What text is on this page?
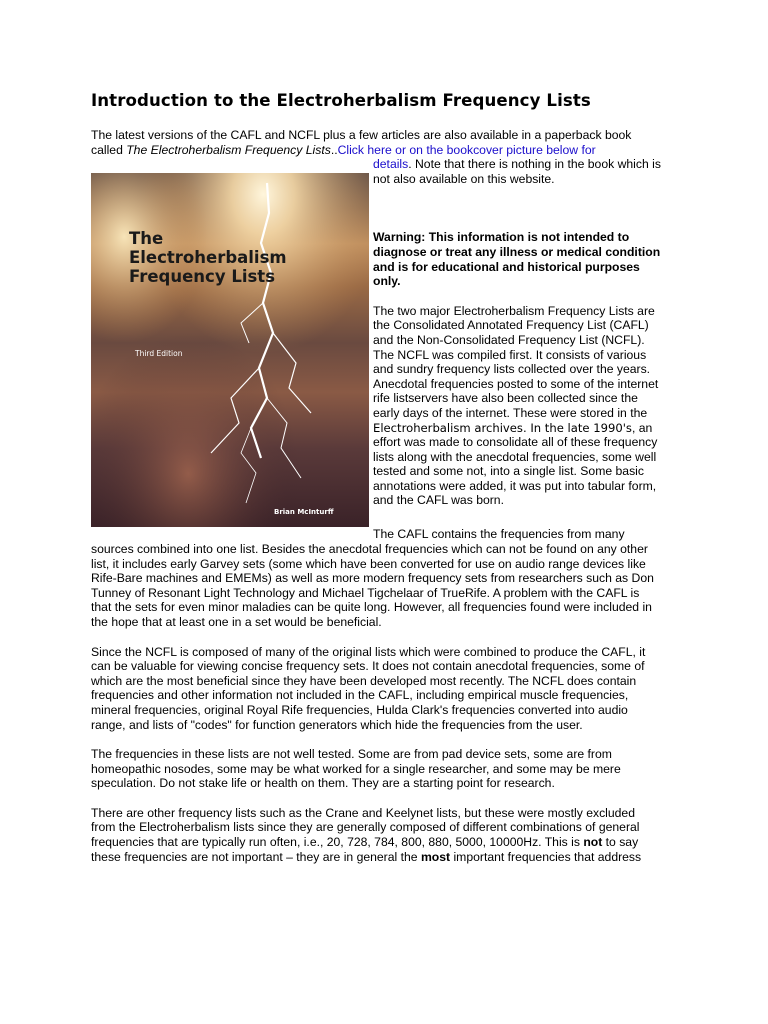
Introduction to the Electroherbalism Frequency Lists

The latest versions of the CAFL and NCFL plus a few articles are also available in a paperback book
called The Electroherbalism Frequency Lists..Click here or on the bookcover picture below for
details. Note that there is nothing in the book which is not also available on this website.

The
Electroherbalism
Frequency Lists
Third Edition
Brian McInturff

Warning: This information is not intended to diagnose or treat any illness or medical condition and is for educational and historical purposes only.

The two major Electroherbalism Frequency Lists are the Consolidated Annotated Frequency List (CAFL) and the Non-Consolidated Frequency List (NCFL). The NCFL was compiled first. It consists of various and sundry frequency lists collected over the years. Anecdotal frequencies posted to some of the internet rife listservers have also been collected since the early days of the internet. These were stored in the Electroherbalism archives. In the late 1990's, an effort was made to consolidate all of these frequency lists along with the anecdotal frequencies, some well tested and some not, into a single list. Some basic annotations were added, it was put into tabular form, and the CAFL was born.

The CAFL contains the frequencies from many sources combined into one list. Besides the anecdotal frequencies which can not be found on any other list, it includes early Garvey sets (some which have been converted for use on audio range devices like Rife-Bare machines and EMEMs) as well as more modern frequency sets from researchers such as Don Tunney of Resonant Light Technology and Michael Tigchelaar of TrueRife. A problem with the CAFL is that the sets for even minor maladies can be quite long. However, all frequencies found were included in the hope that at least one in a set would be beneficial.

Since the NCFL is composed of many of the original lists which were combined to produce the CAFL, it can be valuable for viewing concise frequency sets. It does not contain anecdotal frequencies, some of which are the most beneficial since they have been developed most recently. The NCFL does contain frequencies and other information not included in the CAFL, including empirical muscle frequencies, mineral frequencies, original Royal Rife frequencies, Hulda Clark's frequencies converted into audio range, and lists of "codes" for function generators which hide the frequencies from the user.

The frequencies in these lists are not well tested. Some are from pad device sets, some are from homeopathic nosodes, some may be what worked for a single researcher, and some may be mere speculation. Do not stake life or health on them. They are a starting point for research.

There are other frequency lists such as the Crane and Keelynet lists, but these were mostly excluded from the Electroherbalism lists since they are generally composed of different combinations of general frequencies that are typically run often, i.e., 20, 728, 784, 800, 880, 5000, 10000Hz. This is not to say these frequencies are not important – they are in general the most important frequencies that address
